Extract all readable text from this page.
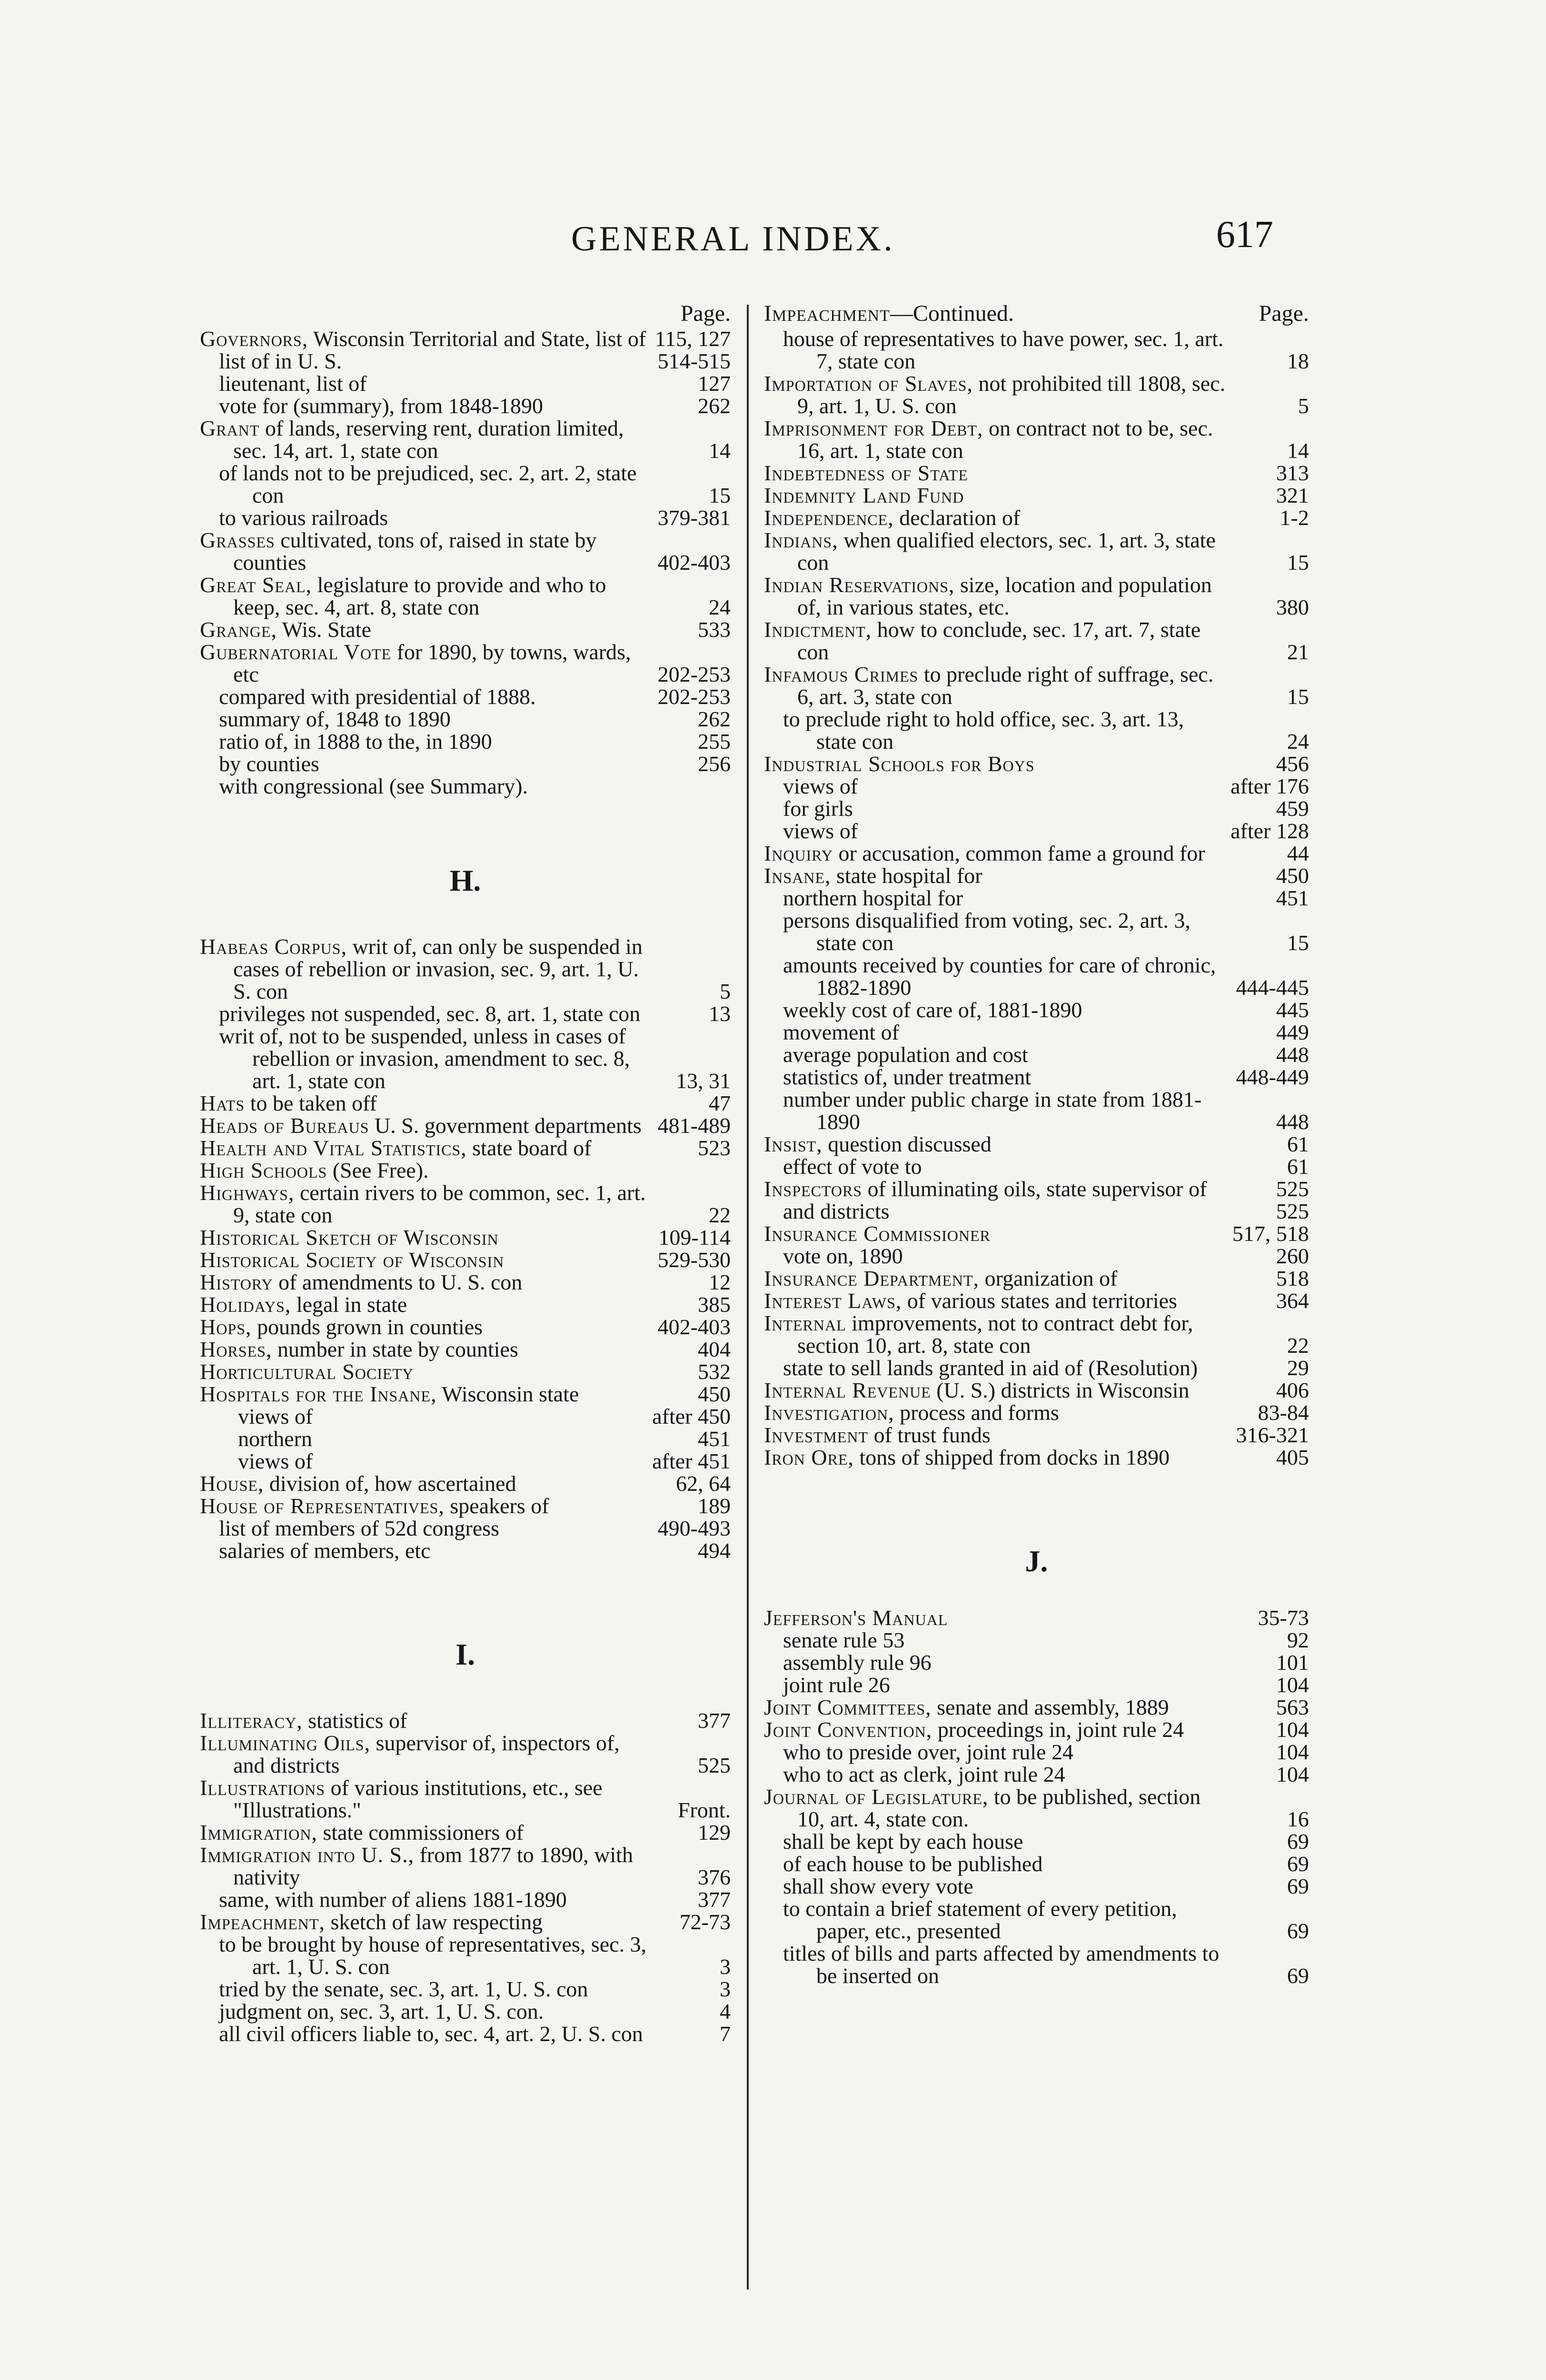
GENERAL INDEX.	617
Page.
Governors, Wisconsin Territorial and State, list of 115, 127
list of in U. S.	514-515
lieutenant, list of	127
vote for (summary), from 1848-1890	262
Grant of lands, reserving rent, duration limited, sec. 14, art. 1, state con	14
of lands not to be prejudiced, sec. 2, art. 2, state con	15
to various railroads	379-381
Grasses cultivated, tons of, raised in state by counties	402-403
Great Seal, legislature to provide and who to keep, sec. 4, art. 8, state con	24
Grange, Wis. State	533
Gubernatorial Vote for 1890, by towns, wards, etc	202-253
compared with presidential of 1888.	202-253
summary of, 1848 to 1890	262
ratio of, in 1888 to the, in 1890	255
by counties	256
with congressional (see Summary).
H.
Habeas Corpus, writ of, can only be suspended in cases of rebellion or invasion, sec. 9, art. 1, U. S. con	5
privileges not suspended, sec. 8, art. 1, state con	13
writ of, not to be suspended, unless in cases of rebellion or invasion, amendment to sec. 8, art. 1, state con	13, 31
Hats to be taken off	47
Heads of Bureaus U. S. government departments 481-489
Health and Vital Statistics, state board of	523
High Schools (See Free).
Highways, certain rivers to be common, sec. 1, art. 9, state con	22
Historical Sketch of Wisconsin	109-114
Historical Society of Wisconsin	529-530
History of amendments to U. S. con	12
Holidays, legal in state	385
Hops, pounds grown in counties	402-403
Horses, number in state by counties	404
Horticultural Society	532
Hospitals for the Insane, Wisconsin state	450
views of	after 450
northern	451
views of	after 451
House, division of, how ascertained	62, 64
House of Representatives, speakers of	189
list of members of 52d congress	490-493
salaries of members, etc	494
I.
Illiteracy, statistics of	377
Illuminating Oils, supervisor of, inspectors of, and districts	525
Illustrations of various institutions, etc., see "Illustrations."	Front.
Immigration, state commissioners of	129
Immigration into U. S., from 1877 to 1890, with nativity	376
same, with number of aliens 1881-1890	377
Impeachment, sketch of law respecting	72-73
to be brought by house of representatives, sec. 3, art. 1, U. S. con	3
tried by the senate, sec. 3, art. 1, U. S. con	3
judgment on, sec. 3, art. 1, U. S. con.	4
all civil officers liable to, sec. 4, art. 2, U. S. con	7
Impeachment—Continued.	Page.
house of representatives to have power, sec. 1, art. 7, state con	18
Importation of Slaves, not prohibited till 1808, sec. 9, art. 1, U. S. con	5
Imprisonment for Debt, on contract not to be, sec. 16, art. 1, state con	14
Indebtedness of State	313
Indemnity Land Fund	321
Independence, declaration of	1-2
Indians, when qualified electors, sec. 1, art. 3, state con	15
Indian Reservations, size, location and population of, in various states, etc.	380
Indictment, how to conclude, sec. 17, art. 7, state con	21
Infamous Crimes to preclude right of suffrage, sec. 6, art. 3, state con	15
to preclude right to hold office, sec. 3, art. 13, state con	24
Industrial Schools for Boys	456
views of	after 176
for girls	459
views of	after 128
Inquiry or accusation, common fame a ground for	44
Insane, state hospital for	450
northern hospital for	451
persons disqualified from voting, sec. 2, art. 3, state con	15
amounts received by counties for care of chronic, 1882-1890	444-445
weekly cost of care of, 1881-1890	445
movement of	449
average population and cost	448
statistics of, under treatment	448-449
number under public charge in state from 1881-1890	448
Insist, question discussed	61
effect of vote to	61
Inspectors of illuminating oils, state supervisor of	525
and districts	525
Insurance Commissioner	517, 518
vote on, 1890	260
Insurance Department, organization of	518
Interest Laws, of various states and territories	364
Internal improvements, not to contract debt for, section 10, art. 8, state con	22
state to sell lands granted in aid of (Resolution)	29
Internal Revenue (U. S.) districts in Wisconsin	406
Investigation, process and forms	83-84
Investment of trust funds	316-321
Iron Ore, tons of shipped from docks in 1890	405
J.
Jefferson's Manual	35-73
senate rule 53	92
assembly rule 96	101
joint rule 26	104
Joint Committees, senate and assembly, 1889	563
Joint Convention, proceedings in, joint rule 24	104
who to preside over, joint rule 24	104
who to act as clerk, joint rule 24	104
Journal of Legislature, to be published, section 10, art. 4, state con.	16
shall be kept by each house	69
of each house to be published	69
shall show every vote	69
to contain a brief statement of every petition, paper, etc., presented	69
titles of bills and parts affected by amendments to be inserted on	69
